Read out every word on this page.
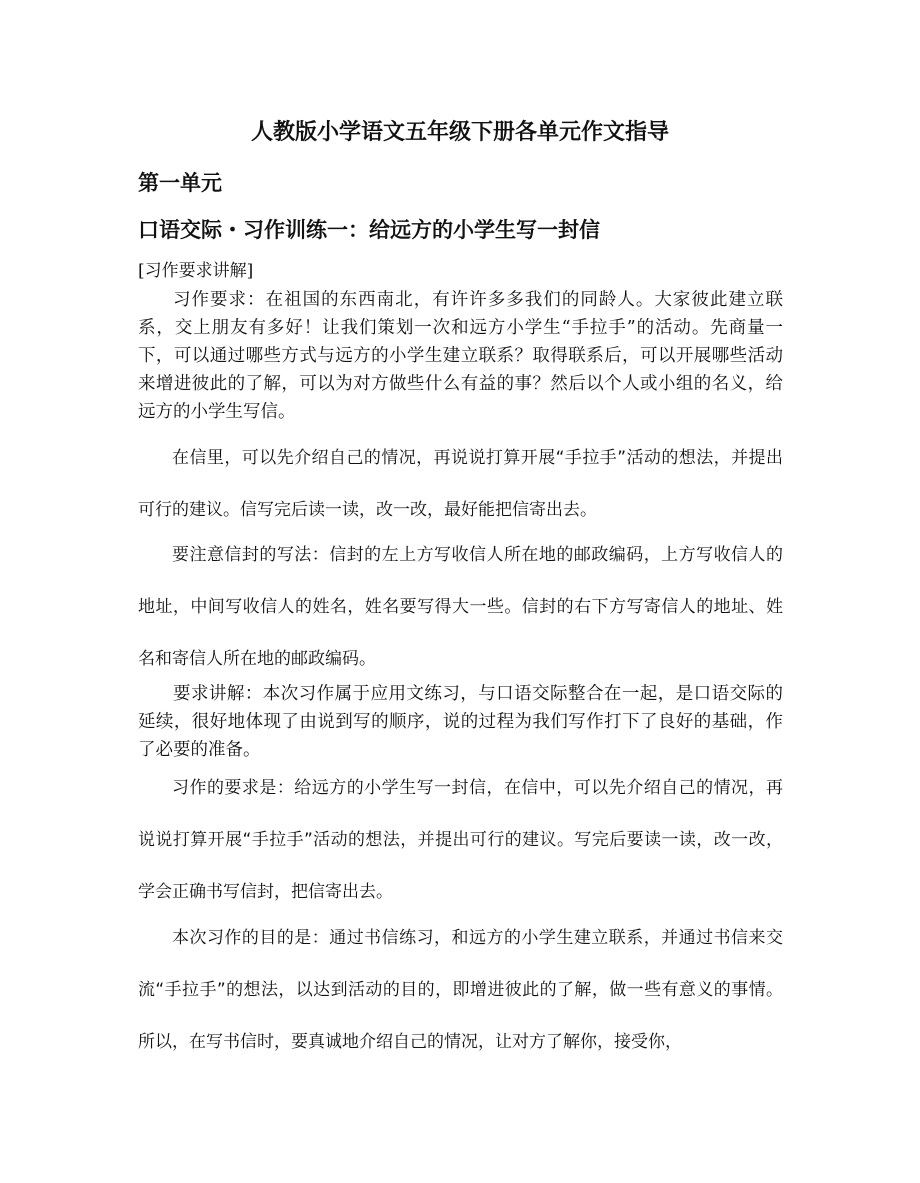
人教版小学语文五年级下册各单元作文指导
第一单元
口语交际・习作训练一：给远方的小学生写一封信

[习作要求讲解]

习作要求：在祖国的东西南北，有许许多多我们的同龄人。大家彼此建立联系，交上朋友有多好！让我们策划一次和远方小学生“手拉手”的活动。先商量一下，可以通过哪些方式与远方的小学生建立联系？取得联系后，可以开展哪些活动来增进彼此的了解，可以为对方做些什么有益的事？然后以个人或小组的名义，给远方的小学生写信。

在信里，可以先介绍自己的情况，再说说打算开展“手拉手”活动的想法，并提出可行的建议。信写完后读一读，改一改，最好能把信寄出去。

要注意信封的写法：信封的左上方写收信人所在地的邮政编码，上方写收信人的地址，中间写收信人的姓名，姓名要写得大一些。信封的右下方写寄信人的地址、姓名和寄信人所在地的邮政编码。

要求讲解：本次习作属于应用文练习，与口语交际整合在一起，是口语交际的延续，很好地体现了由说到写的顺序，说的过程为我们写作打下了良好的基础，作了必要的准备。

习作的要求是：给远方的小学生写一封信，在信中，可以先介绍自己的情况，再说说打算开展“手拉手”活动的想法，并提出可行的建议。写完后要读一读，改一改，学会正确书写信封，把信寄出去。

本次习作的目的是：通过书信练习，和远方的小学生建立联系，并通过书信来交流“手拉手”的想法，以达到活动的目的，即增进彼此的了解，做一些有意义的事情。所以，在写书信时，要真诚地介绍自己的情况，让对方了解你，接受你，
